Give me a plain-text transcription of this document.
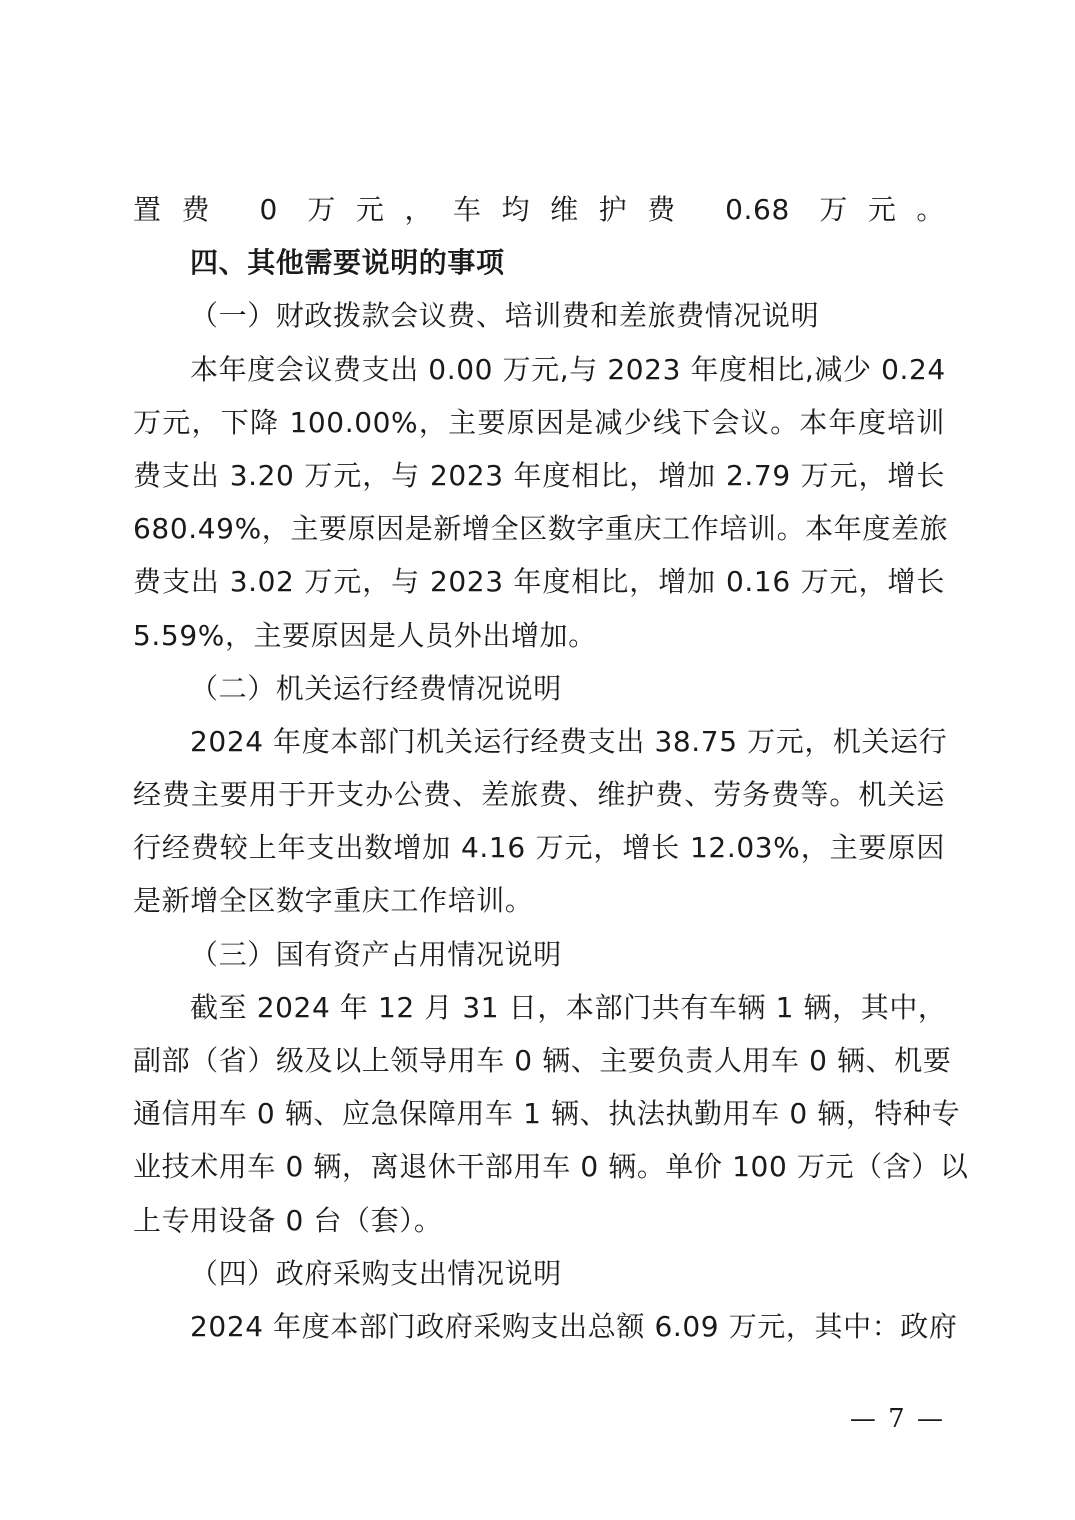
置费 0 万元，车均维护费 0.68 万元。
四、其他需要说明的事项
（一）财政拨款会议费、培训费和差旅费情况说明
本年度会议费支出 0.00 万元,与 2023 年度相比,减少 0.24
万元，下降 100.00%，主要原因是减少线下会议。本年度培训
费支出 3.20 万元，与 2023 年度相比，增加 2.79 万元，增长
680.49%，主要原因是新增全区数字重庆工作培训。本年度差旅
费支出 3.02 万元，与 2023 年度相比，增加 0.16 万元，增长
5.59%，主要原因是人员外出增加。
（二）机关运行经费情况说明
2024 年度本部门机关运行经费支出 38.75 万元，机关运行
经费主要用于开支办公费、差旅费、维护费、劳务费等。机关运
行经费较上年支出数增加 4.16 万元，增长 12.03%，主要原因
是新增全区数字重庆工作培训。
（三）国有资产占用情况说明
截至 2024 年 12 月 31 日，本部门共有车辆 1 辆，其中，
副部（省）级及以上领导用车 0 辆、主要负责人用车 0 辆、机要
通信用车 0 辆、应急保障用车 1 辆、执法执勤用车 0 辆，特种专
业技术用车 0 辆，离退休干部用车 0 辆。单价 100 万元（含）以
上专用设备 0 台（套）。
（四）政府采购支出情况说明
2024 年度本部门政府采购支出总额 6.09 万元，其中：政府
— 7 —
